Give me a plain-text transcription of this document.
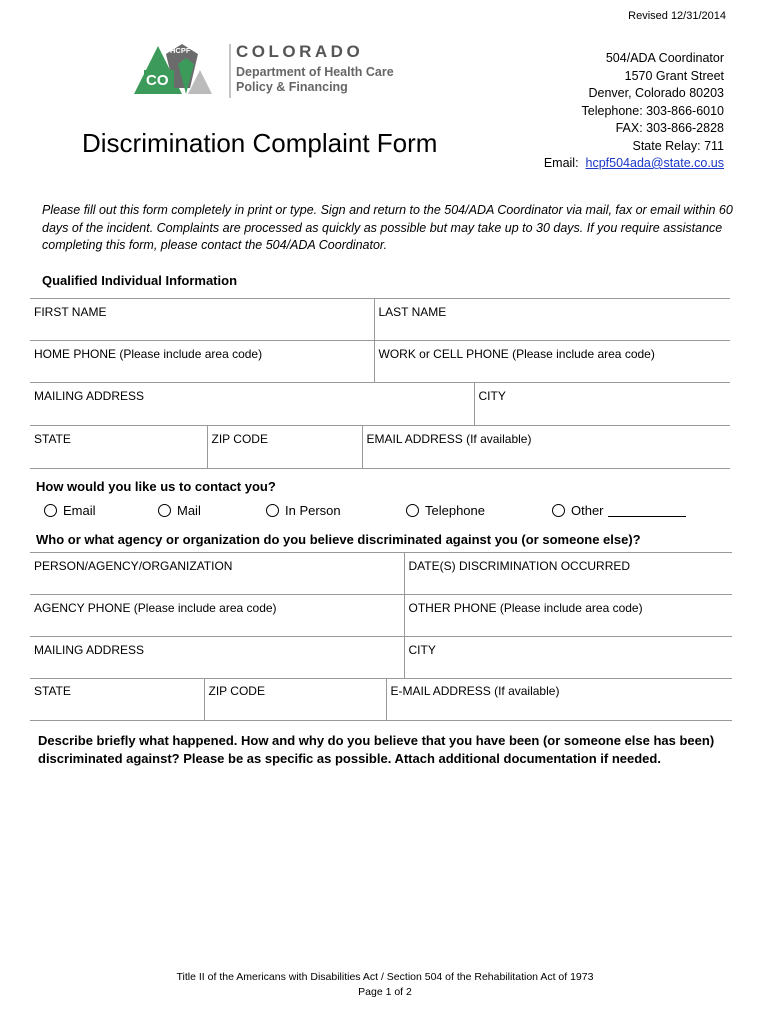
Revised 12/31/2014
CO
HCPF	COLORADO
Department of Health Care
Policy & Financing
504/ADA Coordinator
1570 Grant Street
Denver, Colorado 80203
Telephone: 303-866-6010
FAX: 303-866-2828
State Relay: 711
Email: hcpf504ada@state.co.us
Discrimination Complaint Form
Please fill out this form completely in print or type. Sign and return to the 504/ADA Coordinator via mail, fax or email within 60 days of the incident. Complaints are processed as quickly as possible but may take up to 30 days. If you require assistance completing this form, please contact the 504/ADA Coordinator.
Qualified Individual Information
FIRST NAME	LAST NAME
HOME PHONE (Please include area code)	WORK or CELL PHONE (Please include area code)
MAILING ADDRESS	CITY
STATE	ZIP CODE	EMAIL ADDRESS (If available)
How would you like us to contact you?
Email	Mail	In Person	Telephone	Other
Who or what agency or organization do you believe discriminated against you (or someone else)?
PERSON/AGENCY/ORGANIZATION	DATE(S) DISCRIMINATION OCCURRED
AGENCY PHONE (Please include area code)	OTHER PHONE (Please include area code)
MAILING ADDRESS	CITY
STATE	ZIP CODE	E-MAIL ADDRESS (If available)
Describe briefly what happened. How and why do you believe that you have been (or someone else has been) discriminated against? Please be as specific as possible. Attach additional documentation if needed.
Title II of the Americans with Disabilities Act / Section 504 of the Rehabilitation Act of 1973
Page 1 of 2
